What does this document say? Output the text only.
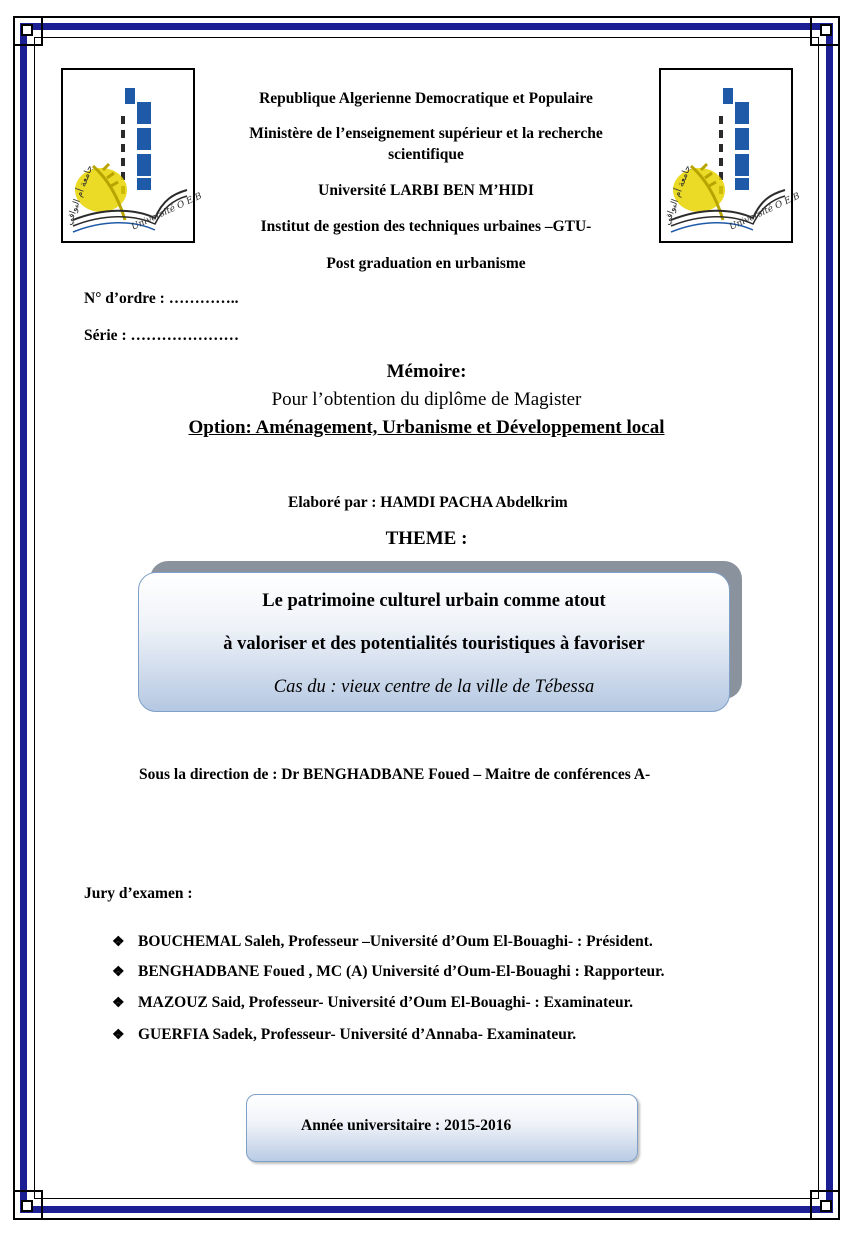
جامعة أم البواقي	Université O E B	جامعة أم البواقي	Université O E B
Republique Algerienne Democratique et Populaire
Ministère de l’enseignement supérieur et la recherche
scientifique
Université LARBI BEN M’HIDI
Institut de gestion des techniques urbaines –GTU-
Post graduation en urbanisme
N° d’ordre : …………..
Série : …………………
Mémoire:
Pour l’obtention du diplôme de Magister
Option: Aménagement, Urbanisme et Développement local
Elaboré par : HAMDI PACHA Abdelkrim
THEME :
Le patrimoine culturel urbain comme atout
à valoriser et des potentialités touristiques à favoriser
Cas du : vieux centre de la ville de Tébessa
Sous la direction de : Dr BENGHADBANE Foued – Maitre de conférences A-
Jury d’examen :
❖ BOUCHEMAL Saleh, Professeur –Université d’Oum El-Bouaghi- : Président.
❖ BENGHADBANE Foued , MC (A) Université d’Oum-El-Bouaghi : Rapporteur.
❖ MAZOUZ Said, Professeur- Université d’Oum El-Bouaghi- : Examinateur.
❖ GUERFIA Sadek, Professeur- Université d’Annaba- Examinateur.
Année universitaire : 2015-2016
